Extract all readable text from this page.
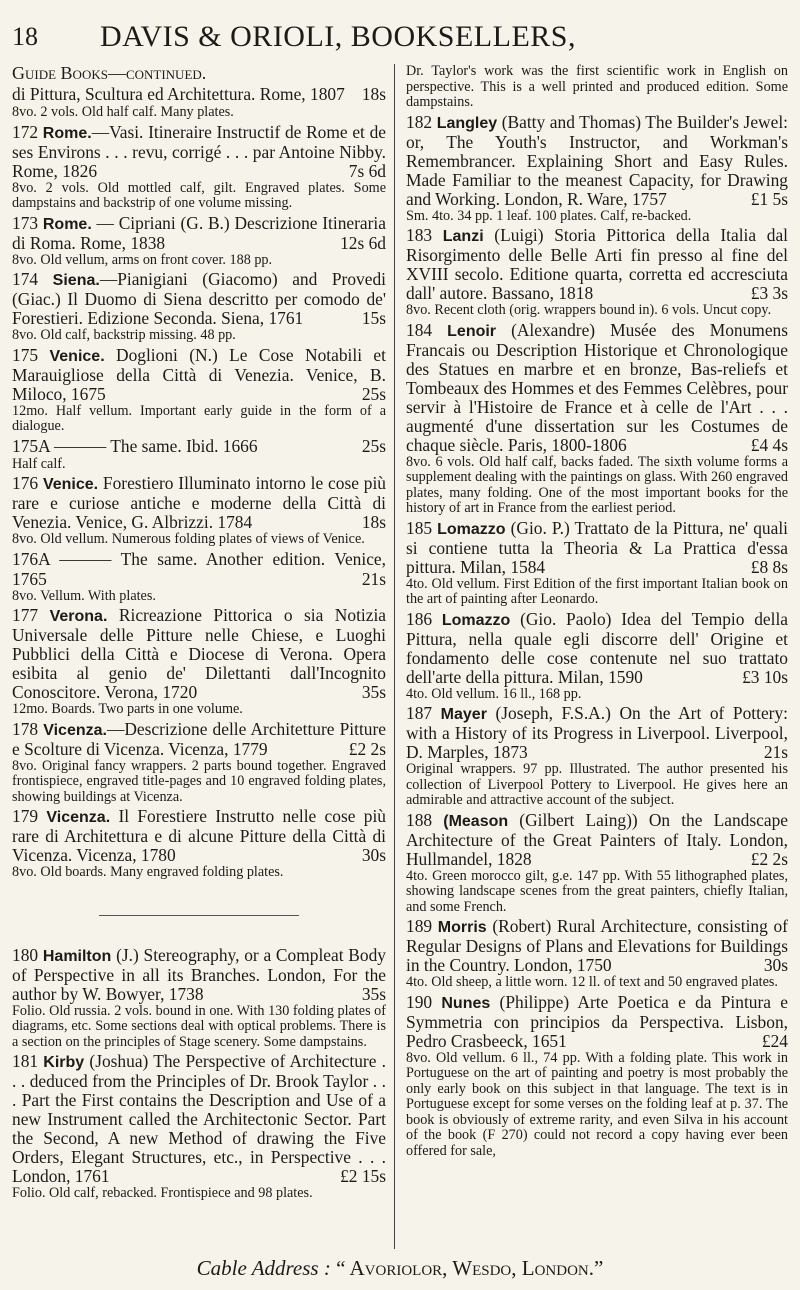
18 DAVIS & ORIOLI, BOOKSELLERS,
Guide Books—continued.
di Pittura, Scultura ed Architettura. Rome, 1807 18s
8vo. 2 vols. Old half calf. Many plates.
172 Rome.—Vasi. Itineraire Instructif de Rome et de ses Environs . . . revu, corrigé . . . par Antoine Nibby. Rome, 1826	7s 6d
8vo. 2 vols. Old mottled calf, gilt. Engraved plates. Some dampstains and backstrip of one volume missing.
173 Rome. — Cipriani (G. B.) Descrizione Itineraria di Roma. Rome, 1838	12s 6d
8vo. Old vellum, arms on front cover. 188 pp.
174 Siena.—Pianigiani (Giacomo) and Provedi (Giac.) Il Duomo di Siena descritto per comodo de' Forestieri. Edizione Seconda. Siena, 1761	15s
8vo. Old calf, backstrip missing. 48 pp.
175 Venice. Doglioni (N.) Le Cose Notabili et Marauigliose della Città di Venezia. Venice, B. Miloco, 1675	25s
12mo. Half vellum. Important early guide in the form of a dialogue.
175A ——— The same. Ibid. 1666	25s
Half calf.
176 Venice. Forestiero Illuminato intorno le cose più rare e curiose antiche e moderne della Città di Venezia. Venice, G. Albrizzi. 1784	18s
8vo. Old vellum. Numerous folding plates of views of Venice.
176A ——— The same. Another edition. Venice, 1765	21s
8vo. Vellum. With plates.
177 Verona. Ricreazione Pittorica o sia Notizia Universale delle Pitture nelle Chiese, e Luoghi Pubblici della Città e Diocese di Verona. Opera esibita al genio de' Dilettanti dall'Incognito Conoscitore. Verona, 1720	35s
12mo. Boards. Two parts in one volume.
178 Vicenza.—Descrizione delle Architetture Pitture e Scolture di Vicenza. Vicenza, 1779	£2 2s
8vo. Original fancy wrappers. 2 parts bound together. Engraved frontispiece, engraved title-pages and 10 engraved folding plates, showing buildings at Vicenza.
179 Vicenza. Il Forestiere Instrutto nelle cose più rare di Architettura e di alcune Pitture della Città di Vicenza. Vicenza, 1780	30s
8vo. Old boards. Many engraved folding plates.
180 Hamilton (J.) Stereography, or a Compleat Body of Perspective in all its Branches. London, For the author by W. Bowyer, 1738	35s
Folio. Old russia. 2 vols. bound in one. With 130 folding plates of diagrams, etc. Some sections deal with optical problems. There is a section on the principles of Stage scenery. Some dampstains.
181 Kirby (Joshua) The Perspective of Architecture . . . deduced from the Principles of Dr. Brook Taylor . . . Part the First contains the Description and Use of a new Instrument called the Architectonic Sector. Part the Second, A new Method of drawing the Five Orders, Elegant Structures, etc., in Perspective . . . London, 1761	£2 15s
Folio. Old calf, rebacked. Frontispiece and 98 plates.
Dr. Taylor's work was the first scientific work in English on perspective. This is a well printed and produced edition. Some dampstains.
182 Langley (Batty and Thomas) The Builder's Jewel: or, The Youth's Instructor, and Workman's Remembrancer. Explaining Short and Easy Rules. Made Familiar to the meanest Capacity, for Drawing and Working. London, R. Ware, 1757	£1 5s
Sm. 4to. 34 pp. 1 leaf. 100 plates. Calf, re-backed.
183 Lanzi (Luigi) Storia Pittorica della Italia dal Risorgimento delle Belle Arti fin presso al fine del XVIII secolo. Editione quarta, corretta ed accresciuta dall' autore. Bassano, 1818	£3 3s
8vo. Recent cloth (orig. wrappers bound in). 6 vols. Uncut copy.
184 Lenoir (Alexandre) Musée des Monumens Francais ou Description Historique et Chronologique des Statues en marbre et en bronze, Bas-reliefs et Tombeaux des Hommes et des Femmes Celèbres, pour servir à l'Histoire de France et à celle de l'Art . . . augmenté d'une dissertation sur les Costumes de chaque siècle. Paris, 1800-1806	£4 4s
8vo. 6 vols. Old half calf, backs faded. The sixth volume forms a supplement dealing with the paintings on glass. With 260 engraved plates, many folding. One of the most important books for the history of art in France from the earliest period.
185 Lomazzo (Gio. P.) Trattato de la Pittura, ne' quali si contiene tutta la Theoria & La Prattica d'essa pittura. Milan, 1584	£8 8s
4to. Old vellum. First Edition of the first important Italian book on the art of painting after Leonardo.
186 Lomazzo (Gio. Paolo) Idea del Tempio della Pittura, nella quale egli discorre dell' Origine et fondamento delle cose contenute nel suo trattato dell'arte della pittura. Milan, 1590	£3 10s
4to. Old vellum. 16 ll., 168 pp.
187 Mayer (Joseph, F.S.A.) On the Art of Pottery: with a History of its Progress in Liverpool. Liverpool, D. Marples, 1873	21s
Original wrappers. 97 pp. Illustrated. The author presented his collection of Liverpool Pottery to Liverpool. He gives here an admirable and attractive account of the subject.
188 (Meason (Gilbert Laing)) On the Landscape Architecture of the Great Painters of Italy. London, Hullmandel, 1828	£2 2s
4to. Green morocco gilt, g.e. 147 pp. With 55 lithographed plates, showing landscape scenes from the great painters, chiefly Italian, and some French.
189 Morris (Robert) Rural Architecture, consisting of Regular Designs of Plans and Elevations for Buildings in the Country. London, 1750	30s
4to. Old sheep, a little worn. 12 ll. of text and 50 engraved plates.
190 Nunes (Philippe) Arte Poetica e da Pintura e Symmetria con principios da Perspectiva. Lisbon, Pedro Crasbeeck, 1651	£24
8vo. Old vellum. 6 ll., 74 pp. With a folding plate. This work in Portuguese on the art of painting and poetry is most probably the only early book on this subject in that language. The text is in Portuguese except for some verses on the folding leaf at p. 37. The book is obviously of extreme rarity, and even Silva in his account of the book (F 270) could not record a copy having ever been offered for sale,
Cable Address : “ Avoriolor, Wesdo, London.”
